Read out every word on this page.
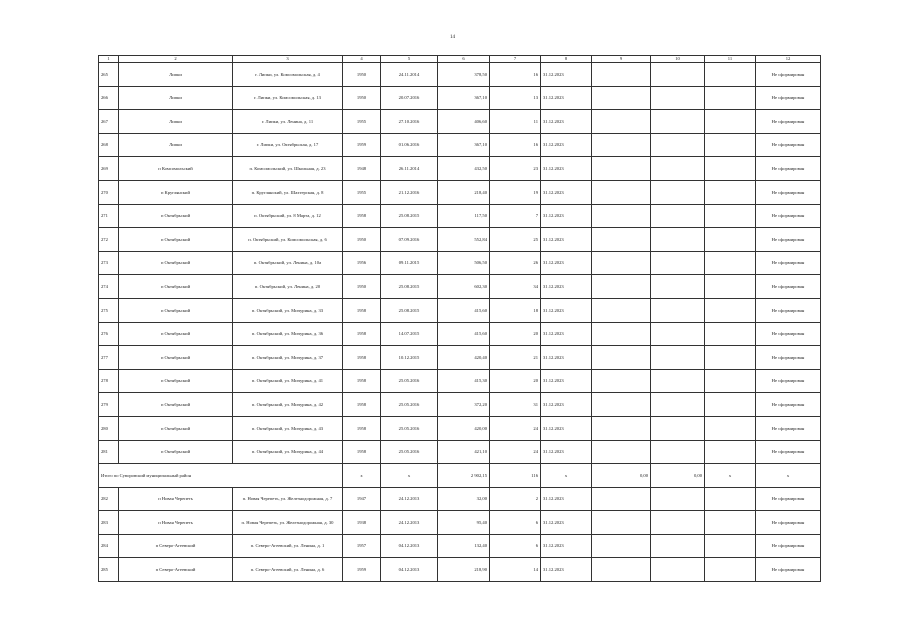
14
1	2	3	4	5	6	7	8	9	10	11	12
265	Липки	г. Липки, ул. Комсомольская, д. 4	1950	24.11.2014	378,50	16	31.12.2023				Не сформирован
266	Липки	г. Липки, ул. Комсомольская, д. 13	1950	20.07.2016	367,10	13	31.12.2023				Не сформирован
267	Липки	г. Липки, ул. Ленина, д. 11	1955	27.10.2016	406,60	11	31.12.2023				Не сформирован
268	Липки	г. Липки, ул. Октябрьская, д. 17	1959	01.06.2016	367,10	16	31.12.2023				Не сформирован
269	п Комсомольский	п. Комсомольский, ул. Школьная, д. 23	1948	26.11.2014	432,50	23	31.12.2023				Не сформирован
270	п Круглянский	п. Круглянский, ул. Шахтерская, д. 8	1955	21.12.2016	218,40	19	31.12.2023				Не сформирован
271	п Октябрьский	п. Октябрьский, ул. 8 Марта, д. 12	1958	25.08.2015	117,50	7	31.12.2023				Не сформирован
272	п Октябрьский	п. Октябрьский, ул. Комсомольская, д. 6	1950	07.09.2016	552,84	25	31.12.2023				Не сформирован
273	п Октябрьский	п. Октябрьский, ул. Ленина, д. 10а	1956	09.11.2015	506,50	26	31.12.2023				Не сформирован
274	п Октябрьский	п. Октябрьский, ул. Ленина, д. 20	1950	25.08.2015	602,30	34	31.12.2023				Не сформирован
275	п Октябрьский	п. Октябрьский, ул. Мичурина, д. 33	1958	25.08.2015	415,60	18	31.12.2023				Не сформирован
276	п Октябрьский	п. Октябрьский, ул. Мичурина, д. 36	1958	14.07.2015	415,60	20	31.12.2023				Не сформирован
277	п Октябрьский	п. Октябрьский, ул. Мичурина, д. 37	1958	10.12.2015	420,40	21	31.12.2023				Не сформирован
278	п Октябрьский	п. Октябрьский, ул. Мичурина, д. 41	1958	25.05.2016	415,30	20	31.12.2023				Не сформирован
279	п Октябрьский	п. Октябрьский, ул. Мичурина, д. 42	1958	25.05.2016	372,20	31	31.12.2023				Не сформирован
280	п Октябрьский	п. Октябрьский, ул. Мичурина, д. 43	1958	25.05.2016	420,00	24	31.12.2023				Не сформирован
281	п Октябрьский	п. Октябрьский, ул. Мичурина, д. 44	1958	25.05.2016	421,10	24	31.12.2023				Не сформирован
Итого по Суворовский муниципальный район			x	x	2 902,15	116	x	0,00	0,00	x	x
282	п Новая Черепеть	п. Новая Черепеть, ул. Железнодорожная, д. 7	1947	24.12.2013	32,00	2	31.12.2023				Не сформирован
283	п Новая Черепеть	п. Новая Черепеть, ул. Железнодорожная, д. 30	1938	24.12.2013	95,40	6	31.12.2023				Не сформирован
284	п Северо-Агеевский	п. Северо-Агеевский, ул. Ленина, д. 1	1957	04.12.2013	132,40	6	31.12.2023				Не сформирован
285	п Северо-Агеевский	п. Северо-Агеевский, ул. Ленина, д. 6	1959	04.12.2013	218,90	14	31.12.2023				Не сформирован
